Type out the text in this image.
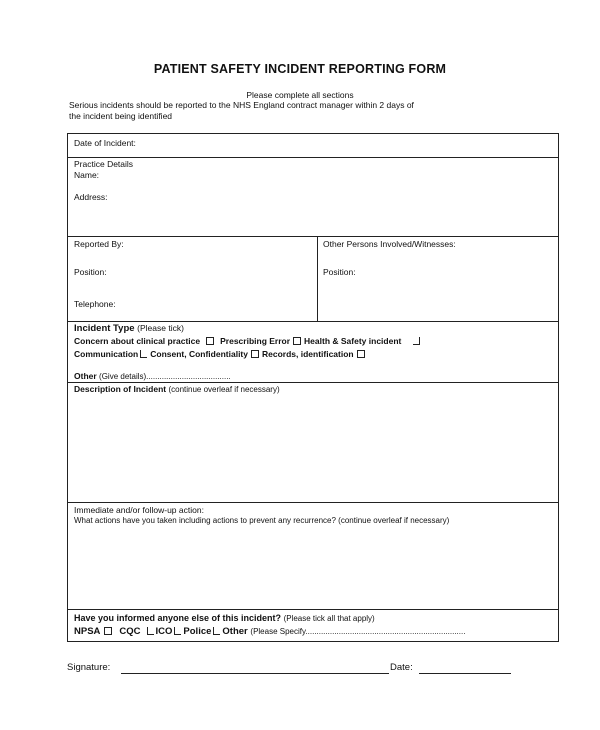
PATIENT SAFETY INCIDENT REPORTING FORM
Please complete all sections
Serious incidents should be reported to the NHS England contract manager within 2 days of
the incident being identified
Date of Incident:
Practice Details
Name:
Address:
Reported By:	Other Persons Involved/Witnesses:
Position:	Position:
Telephone:
Incident Type (Please tick)
Concern about clinical practice Prescribing Error Health & Safety incident
Communication Consent, Confidentiality Records, identification
Other (Give details)......................................
Description of Incident (continue overleaf if necessary)
Immediate and/or follow-up action:
What actions have you taken including actions to prevent any recurrence? (continue overleaf if necessary)
Have you informed anyone else of this incident? (Please tick all that apply)
NPSA CQC ICO Police Other (Please Specify........................................................................
Signature:	Date:
